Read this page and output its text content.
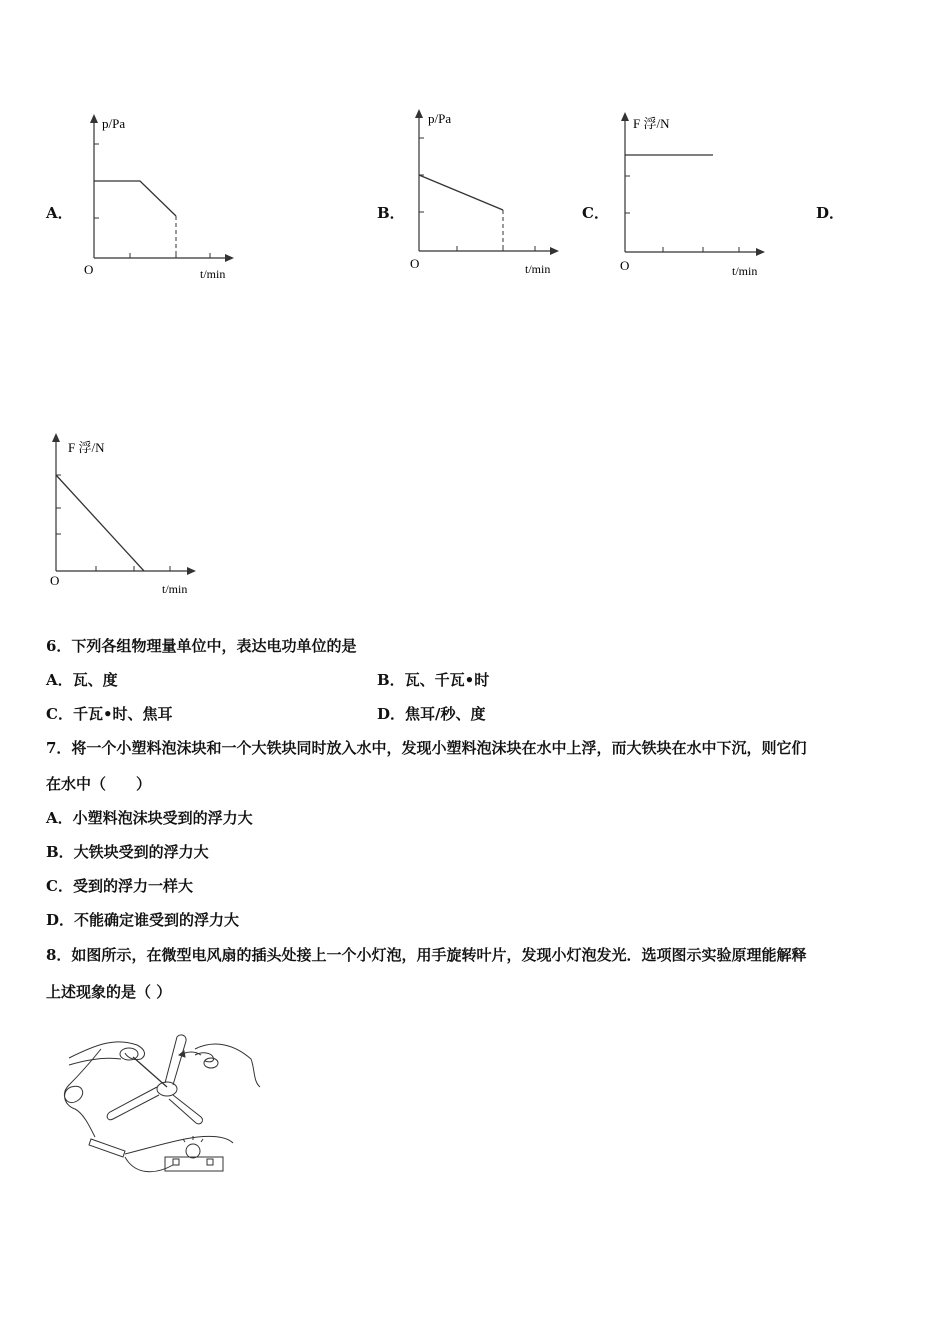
A．
p/Pa
O	t/min
B．
p/Pa
O	t/min
C．
F 浮/N
O	t/min
D．
F 浮/N
O
t/min
6．下列各组物理量单位中，表达电功单位的是
A．瓦、度	B．瓦、千瓦•时
C．千瓦•时、焦耳	D．焦耳/秒、度
7．将一个小塑料泡沫块和一个大铁块同时放入水中，发现小塑料泡沫块在水中上浮，而大铁块在水中下沉，则它们
在水中（　　）
A．小塑料泡沫块受到的浮力大
B．大铁块受到的浮力大
C．受到的浮力一样大
D．不能确定谁受到的浮力大
8．如图所示，在微型电风扇的插头处接上一个小灯泡，用手旋转叶片，发现小灯泡发光．选项图示实验原理能解释
上述现象的是（ ）
